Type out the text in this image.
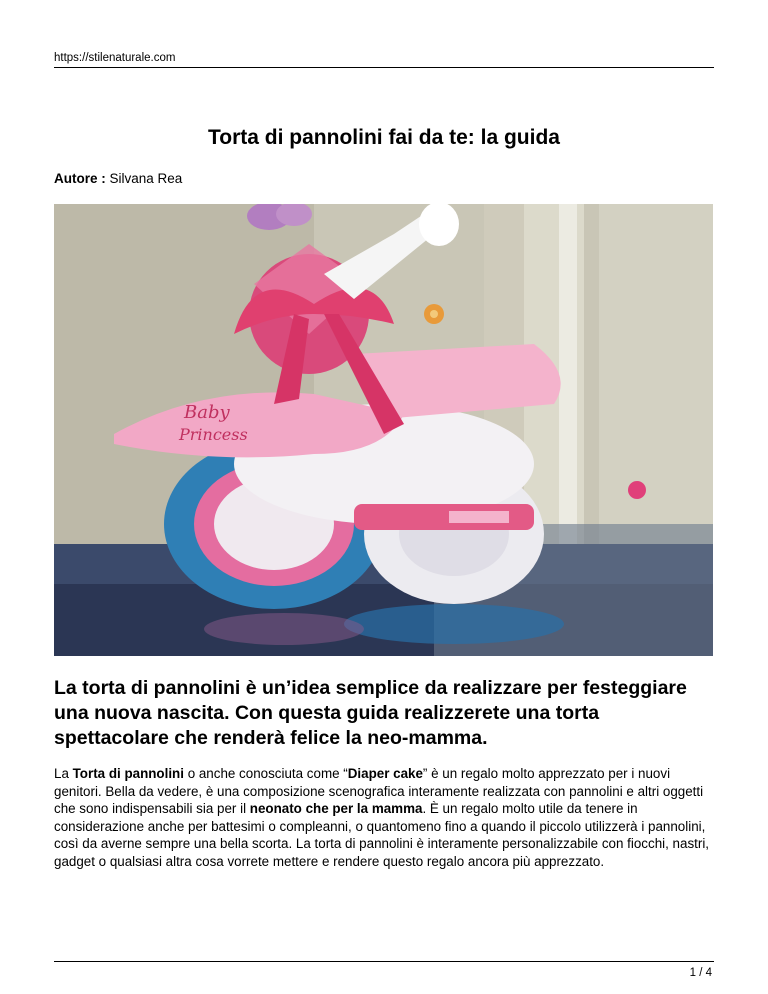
https://stilenaturale.com
Torta di pannolini fai da te: la guida
Autore : Silvana Rea
Baby
Princess
La torta di pannolini è un’idea semplice da realizzare per festeggiare una nuova nascita. Con questa guida realizzerete una torta spettacolare che renderà felice la neo-mamma.
La Torta di pannolini o anche conosciuta come “Diaper cake” è un regalo molto apprezzato per i nuovi genitori. Bella da vedere, è una composizione scenografica interamente realizzata con pannolini e altri oggetti che sono indispensabili sia per il neonato che per la mamma. È un regalo molto utile da tenere in considerazione anche per battesimi o compleanni, o quantomeno fino a quando il piccolo utilizzerà i pannolini, così da averne sempre una bella scorta. La torta di pannolini è interamente personalizzabile con fiocchi, nastri, gadget o qualsiasi altra cosa vorrete mettere e rendere questo regalo ancora più apprezzato.
1 / 4
